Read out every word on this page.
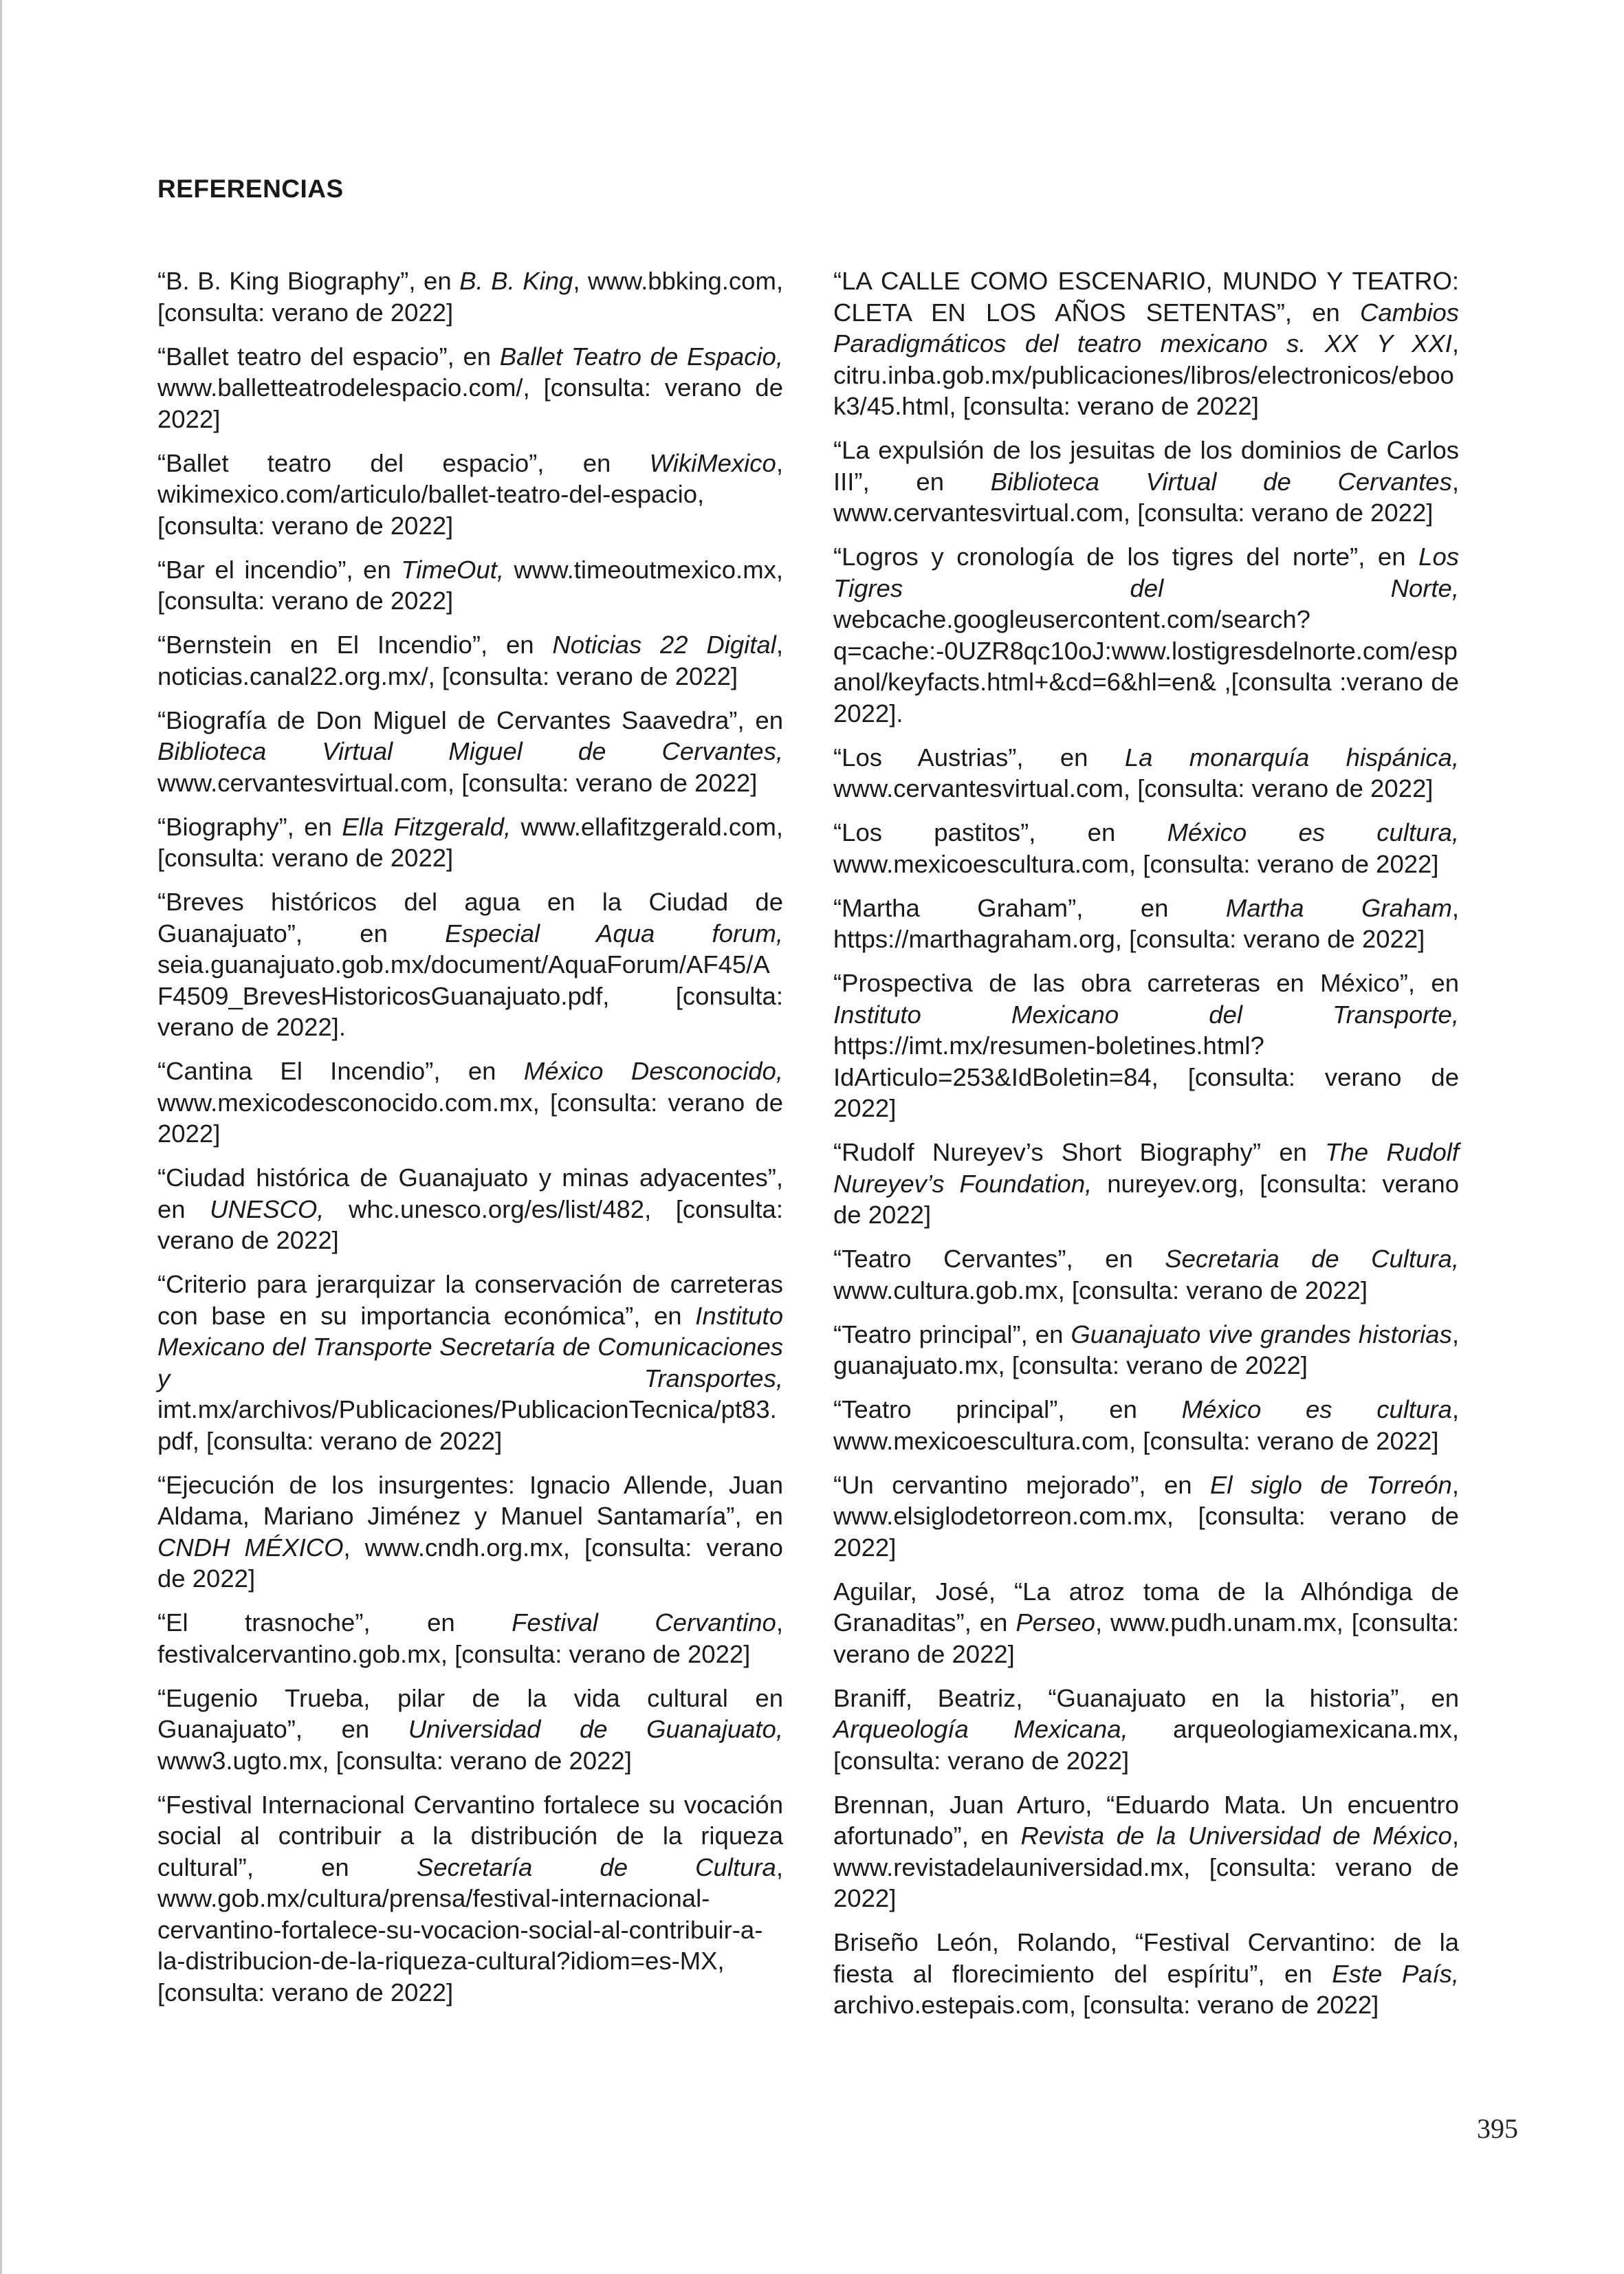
REFERENCIAS

“B. B. King Biography”, en B. B. King, www.bbking.com, [consulta: verano de 2022]

“Ballet teatro del espacio”, en Ballet Teatro de Espacio, www.balletteatrodelespacio.com/, [consulta: verano de 2022]

“Ballet teatro del espacio”, en WikiMexico, wikimexico.com/articulo/ballet-teatro-del-espacio, [consulta: verano de 2022]

“Bar el incendio”, en TimeOut, www.timeoutmexico.mx, [consulta: verano de 2022]

“Bernstein en El Incendio”, en Noticias 22 Digital, noticias.canal22.org.mx/, [consulta: verano de 2022]

“Biografía de Don Miguel de Cervantes Saavedra”, en Biblioteca Virtual Miguel de Cervantes, www.cervantesvirtual.com, [consulta: verano de 2022]

“Biography”, en Ella Fitzgerald, www.ellafitzgerald.com, [consulta: verano de 2022]

“Breves históricos del agua en la Ciudad de Guanajuato”, en Especial Aqua forum, seia.guanajuato.gob.mx/document/AquaForum/AF45/AF4509_BrevesHistoricosGuanajuato.pdf, [consulta: verano de 2022].

“Cantina El Incendio”, en México Desconocido, www.mexicodesconocido.com.mx, [consulta: verano de 2022]

“Ciudad histórica de Guanajuato y minas adyacentes”, en UNESCO, whc.unesco.org/es/list/482, [consulta: verano de 2022]

“Criterio para jerarquizar la conservación de carreteras con base en su importancia económica”, en Instituto Mexicano del Transporte Secretaría de Comunicaciones y Transportes, imt.mx/archivos/Publicaciones/PublicacionTecnica/pt83.pdf, [consulta: verano de 2022]

“Ejecución de los insurgentes: Ignacio Allende, Juan Aldama, Mariano Jiménez y Manuel Santamaría”, en CNDH MÉXICO, www.cndh.org.mx, [consulta: verano de 2022]

“El trasnoche”, en Festival Cervantino, festivalcervantino.gob.mx, [consulta: verano de 2022]

“Eugenio Trueba, pilar de la vida cultural en Guanajuato”, en Universidad de Guanajuato, www3.ugto.mx, [consulta: verano de 2022]

“Festival Internacional Cervantino fortalece su vocación social al contribuir a la distribución de la riqueza cultural”, en Secretaría de Cultura, www.gob.mx/cultura/prensa/festival-internacional-cervantino-fortalece-su-vocacion-social-al-contribuir-a-la-distribucion-de-la-riqueza-cultural?idiom=es-MX, [consulta: verano de 2022]

“LA CALLE COMO ESCENARIO, MUNDO Y TEATRO: CLETA EN LOS AÑOS SETENTAS”, en Cambios Paradigmáticos del teatro mexicano s. XX Y XXI, citru.inba.gob.mx/publicaciones/libros/electronicos/ebook3/45.html, [consulta: verano de 2022]

“La expulsión de los jesuitas de los dominios de Carlos III”, en Biblioteca Virtual de Cervantes, www.cervantesvirtual.com, [consulta: verano de 2022]

“Logros y cronología de los tigres del norte”, en Los Tigres del Norte, webcache.googleusercontent.com/search?q=cache:-0UZR8qc10oJ:www.lostigresdelnorte.com/espanol/keyfacts.html+&cd=6&hl=en& ,[consulta :verano de 2022].

“Los Austrias”, en La monarquía hispánica, www.cervantesvirtual.com, [consulta: verano de 2022]

“Los pastitos”, en México es cultura, www.mexicoescultura.com, [consulta: verano de 2022]

“Martha Graham”, en Martha Graham, https://marthagraham.org, [consulta: verano de 2022]

“Prospectiva de las obra carreteras en México”, en Instituto Mexicano del Transporte, https://imt.mx/resumen-boletines.html?IdArticulo=253&IdBoletin=84, [consulta: verano de 2022]

“Rudolf Nureyev’s Short Biography” en The Rudolf Nureyev’s Foundation, nureyev.org, [consulta: verano de 2022]

“Teatro Cervantes”, en Secretaria de Cultura, www.cultura.gob.mx, [consulta: verano de 2022]

“Teatro principal”, en Guanajuato vive grandes historias, guanajuato.mx, [consulta: verano de 2022]

“Teatro principal”, en México es cultura, www.mexicoescultura.com, [consulta: verano de 2022]

“Un cervantino mejorado”, en El siglo de Torreón, www.elsiglodetorreon.com.mx, [consulta: verano de 2022]

Aguilar, José, “La atroz toma de la Alhóndiga de Granaditas”, en Perseo, www.pudh.unam.mx, [consulta: verano de 2022]

Braniff, Beatriz, “Guanajuato en la historia”, en Arqueología Mexicana, arqueologiamexicana.mx, [consulta: verano de 2022]

Brennan, Juan Arturo, “Eduardo Mata. Un encuentro afortunado”, en Revista de la Universidad de México, www.revistadelauniversidad.mx, [consulta: verano de 2022]

Briseño León, Rolando, “Festival Cervantino: de la fiesta al florecimiento del espíritu”, en Este País, archivo.estepais.com, [consulta: verano de 2022]

395
